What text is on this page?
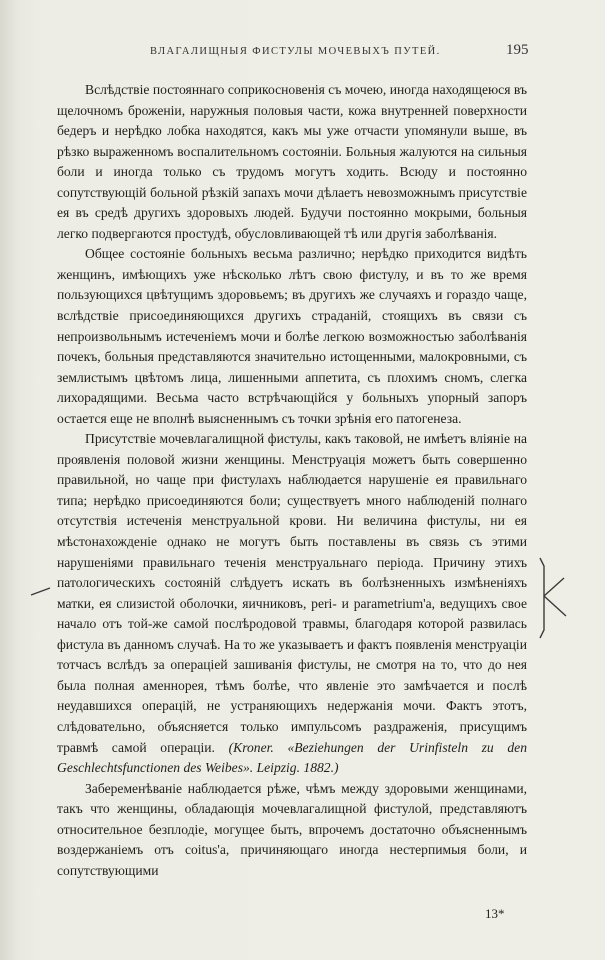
ВЛАГАЛИЩНЫЯ ФИСТУЛЫ МОЧЕВЫХЪ ПУТЕЙ.	195

Вслѣдствіе постояннаго соприкосновенія съ мочею, иногда находящеюся въ щелочномъ броженіи, наружныя половыя части, кожа внутренней поверхности бедеръ и нерѣдко лобка находятся, какъ мы уже отчасти упомянули выше, въ рѣзко выраженномъ воспалительномъ состояніи. Больныя жалуются на сильныя боли и иногда только съ трудомъ могутъ ходить. Всюду и постоянно сопутствующій больной рѣзкій запахъ мочи дѣлаетъ невозможнымъ присутствіе ея въ средѣ другихъ здоровыхъ людей. Будучи постоянно мокрыми, больныя легко подвергаются простудѣ, обусловливающей тѣ или другія заболѣванія.

Общее состояніе больныхъ весьма различно; нерѣдко приходится видѣть женщинъ, имѣющихъ уже нѣсколько лѣтъ свою фистулу, и въ то же время пользующихся цвѣтущимъ здоровьемъ; въ другихъ же случаяхъ и гораздо чаще, вслѣдствіе присоединяющихся другихъ страданій, стоящихъ въ связи съ непроизвольнымъ истеченіемъ мочи и болѣе легкою возможностью заболѣванія почекъ, больныя представляются значительно истощенными, малокровными, съ землистымъ цвѣтомъ лица, лишенными аппетита, съ плохимъ сномъ, слегка лихорадящими. Весьма часто встрѣчающійся у больныхъ упорный запоръ остается еще не вполнѣ выясненнымъ съ точки зрѣнія его патогенеза.

Присутствіе мочевлагалищной фистулы, какъ таковой, не имѣетъ вліяніе на проявленія половой жизни женщины. Менструація можетъ быть совершенно правильной, но чаще при фистулахъ наблюдается нарушеніе ея правильнаго типа; нерѣдко присоединяются боли; существуетъ много наблюденій полнаго отсутствія истеченія менструальной крови. Ни величина фистулы, ни ея мѣстонахожденіе однако не могутъ быть поставлены въ связь съ этими нарушеніями правильнаго теченія менструальнаго періода. Причину этихъ патологическихъ состояній слѣдуетъ искать въ болѣзненныхъ измѣненіяхъ матки, ея слизистой оболочки, яичниковъ, peri- и parametrium'а, ведущихъ свое начало отъ той-же самой послѣродовой травмы, благодаря которой развилась фистула въ данномъ случаѣ. На то же указываетъ и фактъ появленія менструаціи тотчасъ вслѣдъ за операціей зашиванія фистулы, не смотря на то, что до нея была полная аменнорея, тѣмъ болѣе, что явленіе это замѣчается и послѣ неудавшихся операцій, не устраняющихъ недержанія мочи. Фактъ этотъ, слѣдовательно, объясняется только импульсомъ раздраженія, присущимъ травмѣ самой операціи. (Kroner. «Beziehungen der Urinfisteln zu den Geschlechtsfunctionen des Weibes». Leipzig. 1882.)

Забеременѣваніе наблюдается рѣже, чѣмъ между здоровыми женщинами, такъ что женщины, обладающія мочевлагалищной фистулой, представляютъ относительное безплодіе, могущее быть, впрочемъ достаточно объясненнымъ воздержаніемъ отъ coitus'а, причиняющаго иногда нестерпимыя боли, и сопутствующими

13*
